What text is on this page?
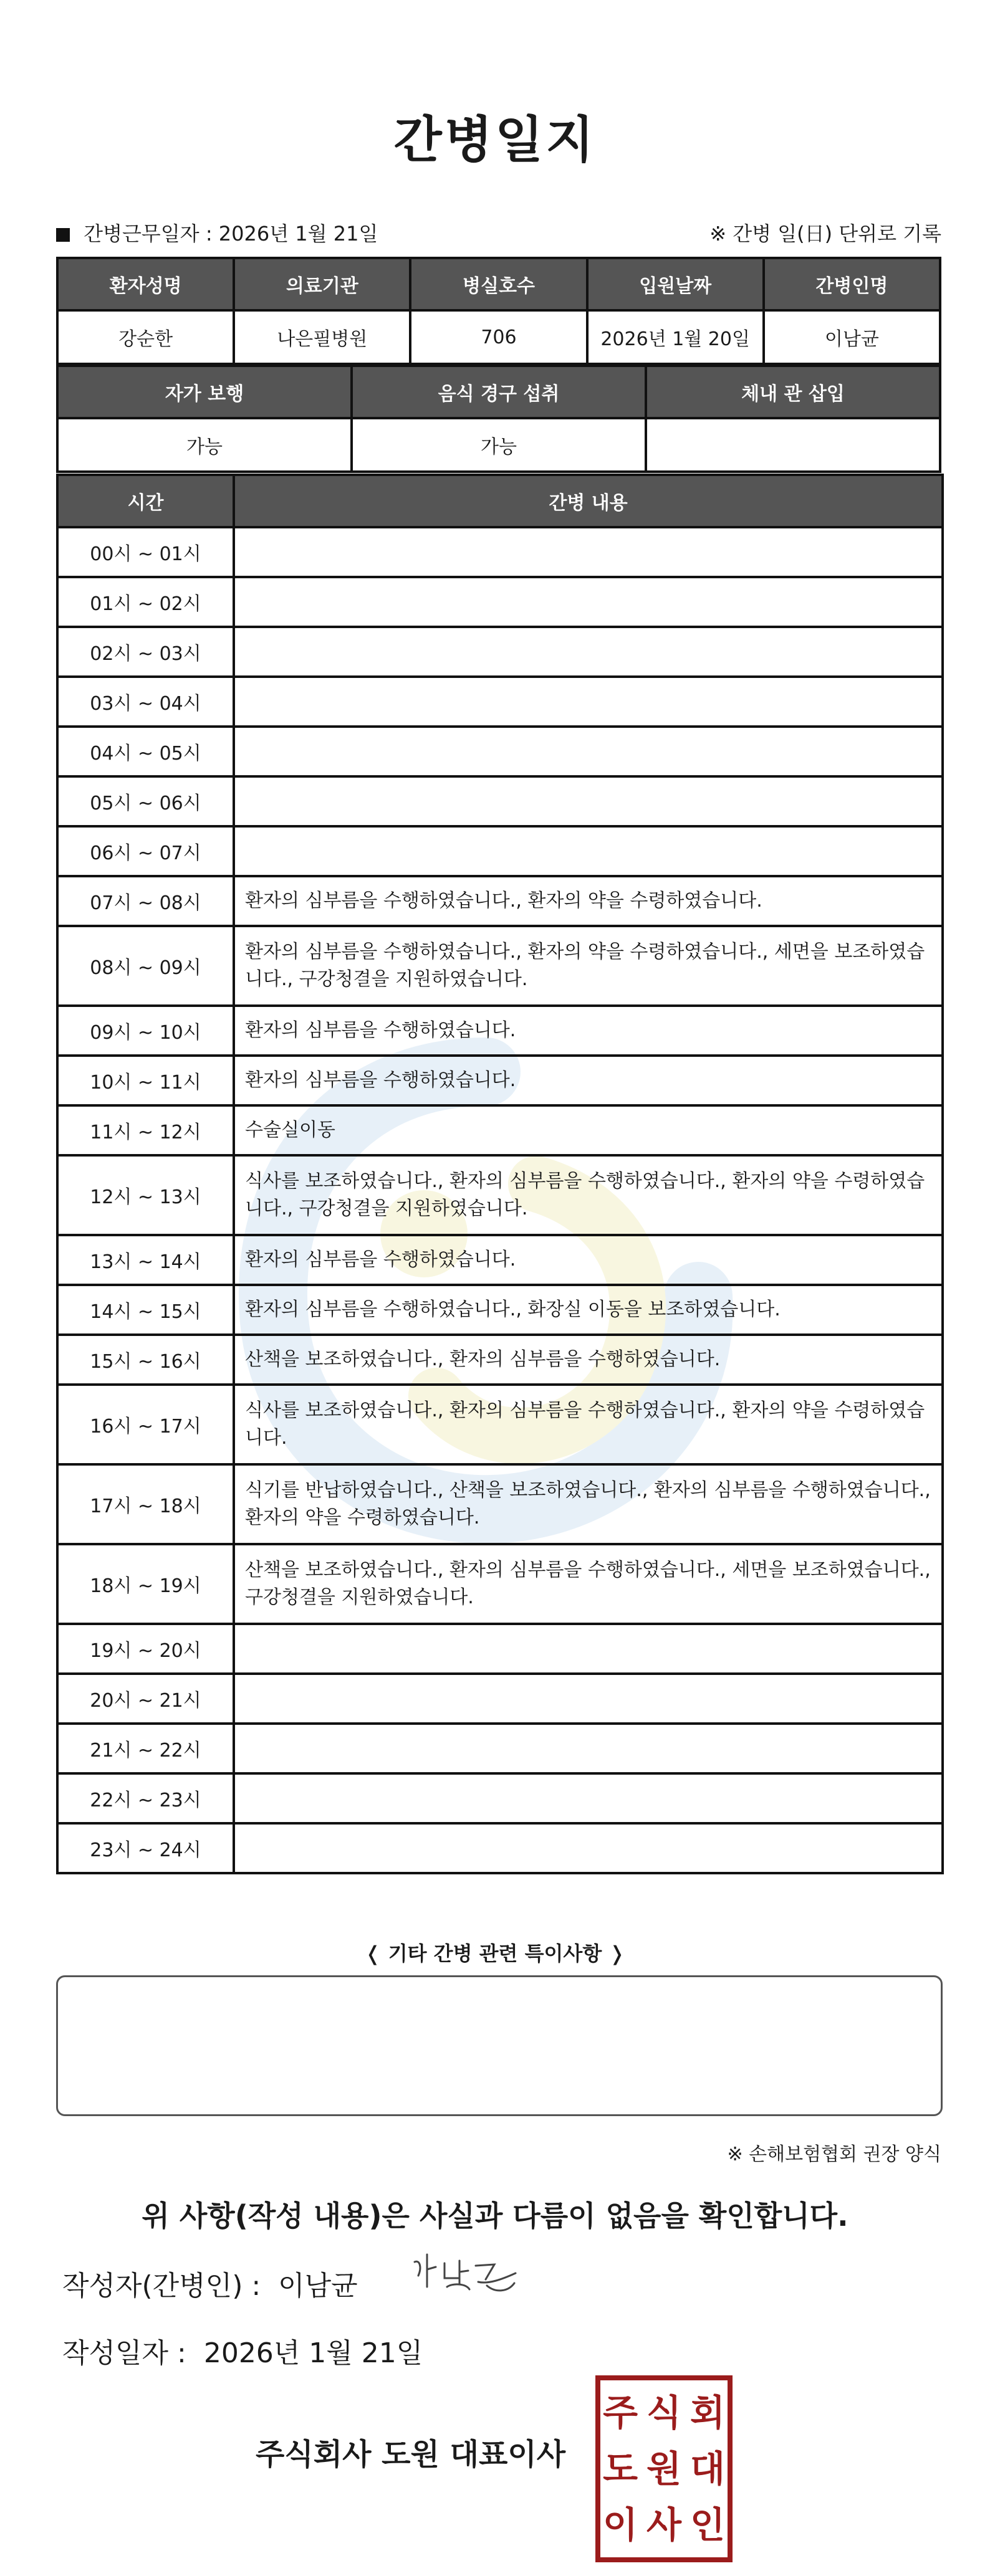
간병일지
간병근무일자 : 2026년 1월 21일	※ 간병 일(日) 단위로 기록
환자성명	의료기관	병실호수	입원날짜	간병인명
강순한	나은필병원	706	2026년 1월 20일	이남균
자가 보행	음식 경구 섭취	체내 관 삽입
가능	가능	
시간	간병 내용
00시 ~ 01시	
01시 ~ 02시	
02시 ~ 03시	
03시 ~ 04시	
04시 ~ 05시	
05시 ~ 06시	
06시 ~ 07시	
07시 ~ 08시	환자의 심부름을 수행하였습니다., 환자의 약을 수령하였습니다.
08시 ~ 09시	환자의 심부름을 수행하였습니다., 환자의 약을 수령하였습니다., 세면을 보조하였습니다., 구강청결을 지원하였습니다.
09시 ~ 10시	환자의 심부름을 수행하였습니다.
10시 ~ 11시	환자의 심부름을 수행하였습니다.
11시 ~ 12시	수술실이동
12시 ~ 13시	식사를 보조하였습니다., 환자의 심부름을 수행하였습니다., 환자의 약을 수령하였습니다., 구강청결을 지원하였습니다.
13시 ~ 14시	환자의 심부름을 수행하였습니다.
14시 ~ 15시	환자의 심부름을 수행하였습니다., 화장실 이동을 보조하였습니다.
15시 ~ 16시	산책을 보조하였습니다., 환자의 심부름을 수행하였습니다.
16시 ~ 17시	식사를 보조하였습니다., 환자의 심부름을 수행하였습니다., 환자의 약을 수령하였습니다.
17시 ~ 18시	식기를 반납하였습니다., 산책을 보조하였습니다., 환자의 심부름을 수행하였습니다., 환자의 약을 수령하였습니다.
18시 ~ 19시	산책을 보조하였습니다., 환자의 심부름을 수행하였습니다., 세면을 보조하였습니다., 구강청결을 지원하였습니다.
19시 ~ 20시	
20시 ~ 21시	
21시 ~ 22시	
22시 ~ 23시	
23시 ~ 24시	
❬ 기타 간병 관련 특이사항 ❭
※ 손해보험협회 권장 양식
위 사항(작성 내용)은 사실과 다름이 없음을 확인합니다.
작성자(간병인) : 이남균
작성일자 : 2026년 1월 21일
주식회사 도원 대표이사
주 식 회
도 원 대
이 사 인
